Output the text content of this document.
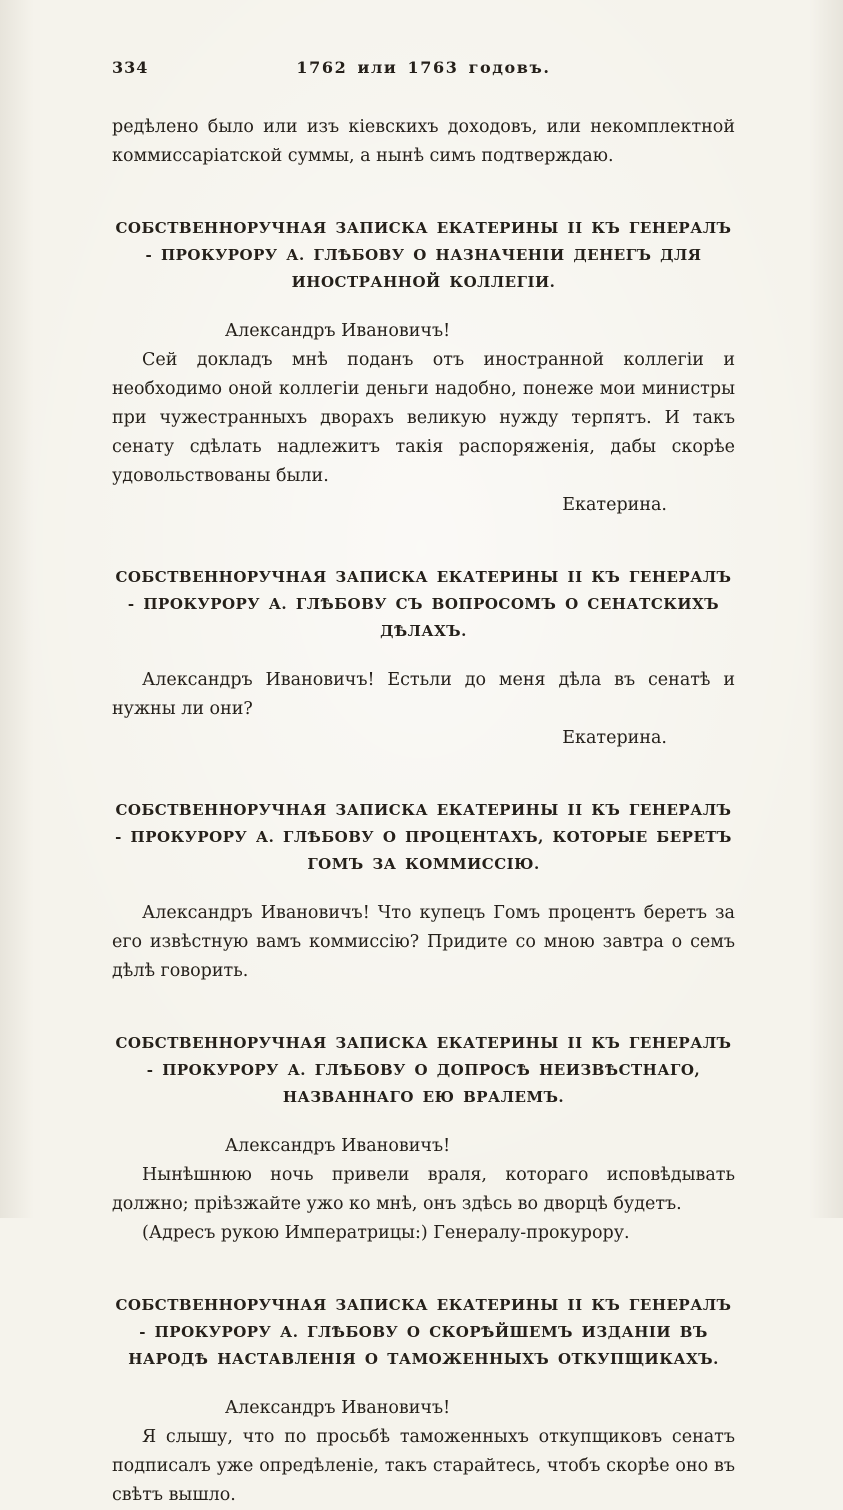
334	1762 или 1763 годовъ.

редѣлено было или изъ кіевскихъ доходовъ, или некомплектной коммиссаріатской суммы, а нынѣ симъ подтверждаю.

СОБСТВЕННОРУЧНАЯ ЗАПИСКА ЕКАТЕРИНЫ II КЪ ГЕНЕРАЛЪ - ПРОКУРОРУ А. ГЛѢБОВУ О НАЗНАЧЕНІИ ДЕНЕГЪ ДЛЯ ИНОСТРАННОЙ КОЛЛЕГІИ.

Александръ Ивановичъ!

Сей докладъ мнѣ поданъ отъ иностранной коллегіи и необходимо оной коллегіи деньги надобно, понеже мои министры при чужестранныхъ дворахъ великую нужду терпятъ. И такъ сенату сдѣлать надлежитъ такія распоряженія, дабы скорѣе удовольствованы были.

Екатерина.

СОБСТВЕННОРУЧНАЯ ЗАПИСКА ЕКАТЕРИНЫ II КЪ ГЕНЕРАЛЪ - ПРОКУРОРУ А. ГЛѢБОВУ СЪ ВОПРОСОМЪ О СЕНАТСКИХЪ ДѢЛАХЪ.

Александръ Ивановичъ! Естьли до меня дѣла въ сенатѣ и нужны ли они?

Екатерина.

СОБСТВЕННОРУЧНАЯ ЗАПИСКА ЕКАТЕРИНЫ II КЪ ГЕНЕРАЛЪ - ПРОКУРОРУ А. ГЛѢБОВУ О ПРОЦЕНТАХЪ, КОТОРЫЕ БЕРЕТЪ ГОМЪ ЗА КОММИССІЮ.

Александръ Ивановичъ! Что купецъ Гомъ процентъ беретъ за его извѣстную вамъ коммиссію? Придите со мною завтра о семъ дѣлѣ говорить.

СОБСТВЕННОРУЧНАЯ ЗАПИСКА ЕКАТЕРИНЫ II КЪ ГЕНЕРАЛЪ - ПРОКУРОРУ А. ГЛѢБОВУ О ДОПРОСѢ НЕИЗВѢСТНАГО, НАЗВАННАГО ЕЮ ВРАЛЕМЪ.

Александръ Ивановичъ!

Нынѣшнюю ночь привели враля, котораго исповѣдывать должно; пріѣзжайте ужо ко мнѣ, онъ здѣсь во дворцѣ будетъ.

(Адресъ рукою Императрицы:) Генералу-прокурору.

СОБСТВЕННОРУЧНАЯ ЗАПИСКА ЕКАТЕРИНЫ II КЪ ГЕНЕРАЛЪ - ПРОКУРОРУ А. ГЛѢБОВУ О СКОРѢЙШЕМЪ ИЗДАНІИ ВЪ НАРОДѢ НАСТАВЛЕНІЯ О ТАМОЖЕННЫХЪ ОТКУПЩИКАХЪ.

Александръ Ивановичъ!

Я слышу, что по просьбѣ таможенныхъ откупщиковъ сенатъ подписалъ уже опредѣленіе, такъ старайтесь, чтобъ скорѣе оно въ свѣтъ вышло.
